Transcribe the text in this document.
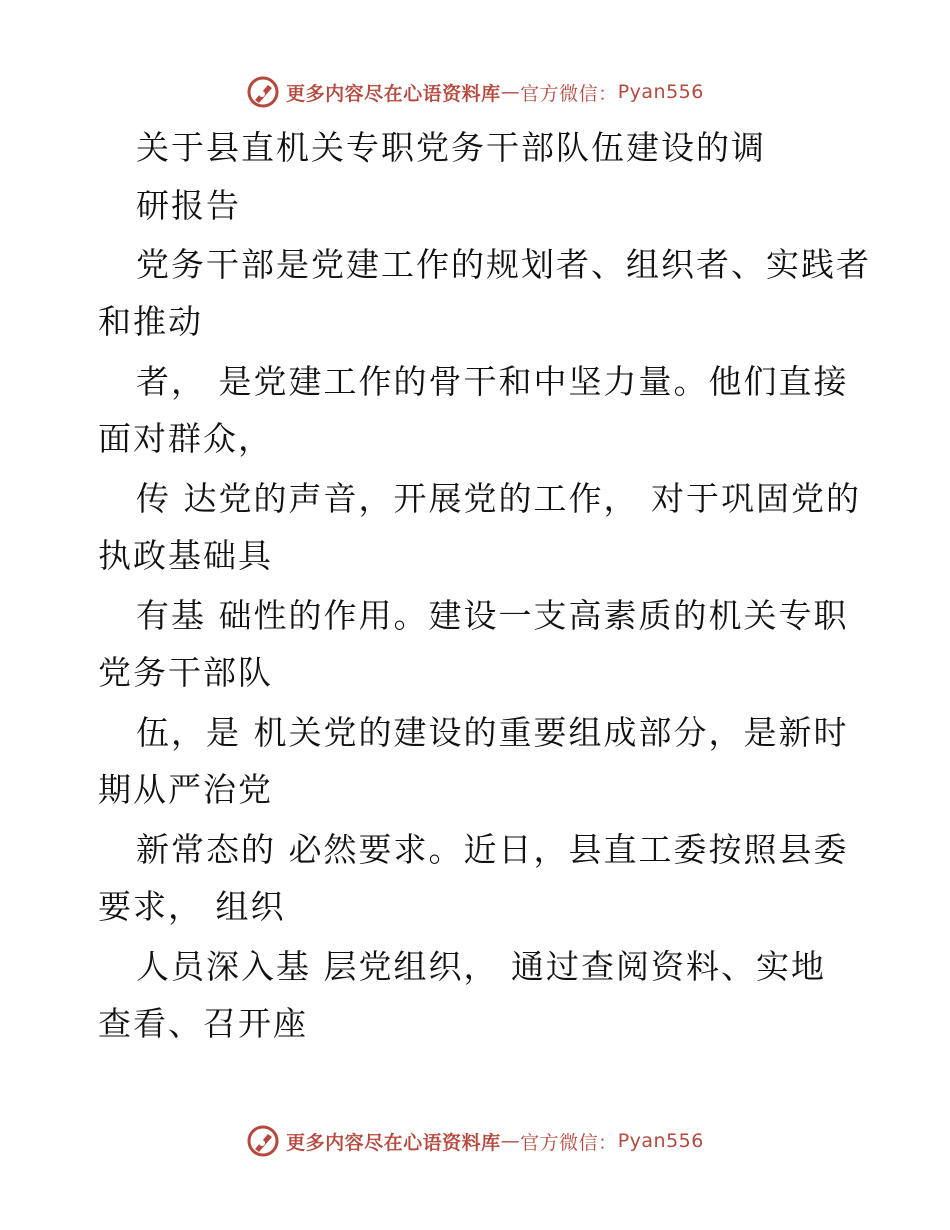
更多内容尽在心语资料库 — 官方微信： Pyan556
关于县直机关专职党务干部队伍建设的调
研报告
党务干部是党建工作的规划者、组织者、实践者
和推动
者， 是党建工作的骨干和中坚力量。他们直接
面对群众，
传 达党的声音，开展党的工作， 对于巩固党的
执政基础具
有基 础性的作用。建设一支高素质的机关专职
党务干部队
伍，是 机关党的建设的重要组成部分，是新时
期从严治党
新常态的 必然要求。近日，县直工委按照县委
要求， 组织
人员深入基 层党组织， 通过查阅资料、实地
查看、召开座
更多内容尽在心语资料库 — 官方微信： Pyan556
